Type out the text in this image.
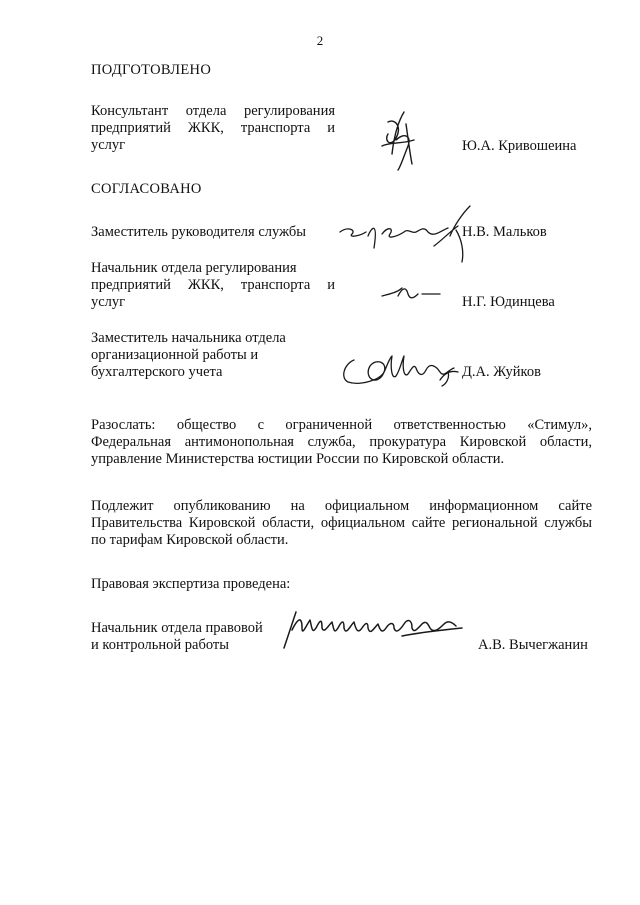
2
ПОДГОТОВЛЕНО
Консультант отдела регулирования
предприятий ЖКК, транспорта и
услуг	Ю.А. Кривошеина
СОГЛАСОВАНО
Заместитель руководителя службы	Н.В. Мальков
Начальник отдела регулирования
предприятий ЖКК, транспорта и
услуг	Н.Г. Юдинцева
Заместитель начальника отдела
организационной работы и
бухгалтерского учета	Д.А. Жуйков
Разослать: общество с ограниченной ответственностью «Стимул»,
Федеральная антимонопольная служба, прокуратура Кировской области,
управление Министерства юстиции России по Кировской области.
Подлежит опубликованию на официальном информационном сайте
Правительства Кировской области, официальном сайте региональной службы
по тарифам Кировской области.
Правовая экспертиза проведена:
Начальник отдела правовой
и контрольной работы	А.В. Вычегжанин
